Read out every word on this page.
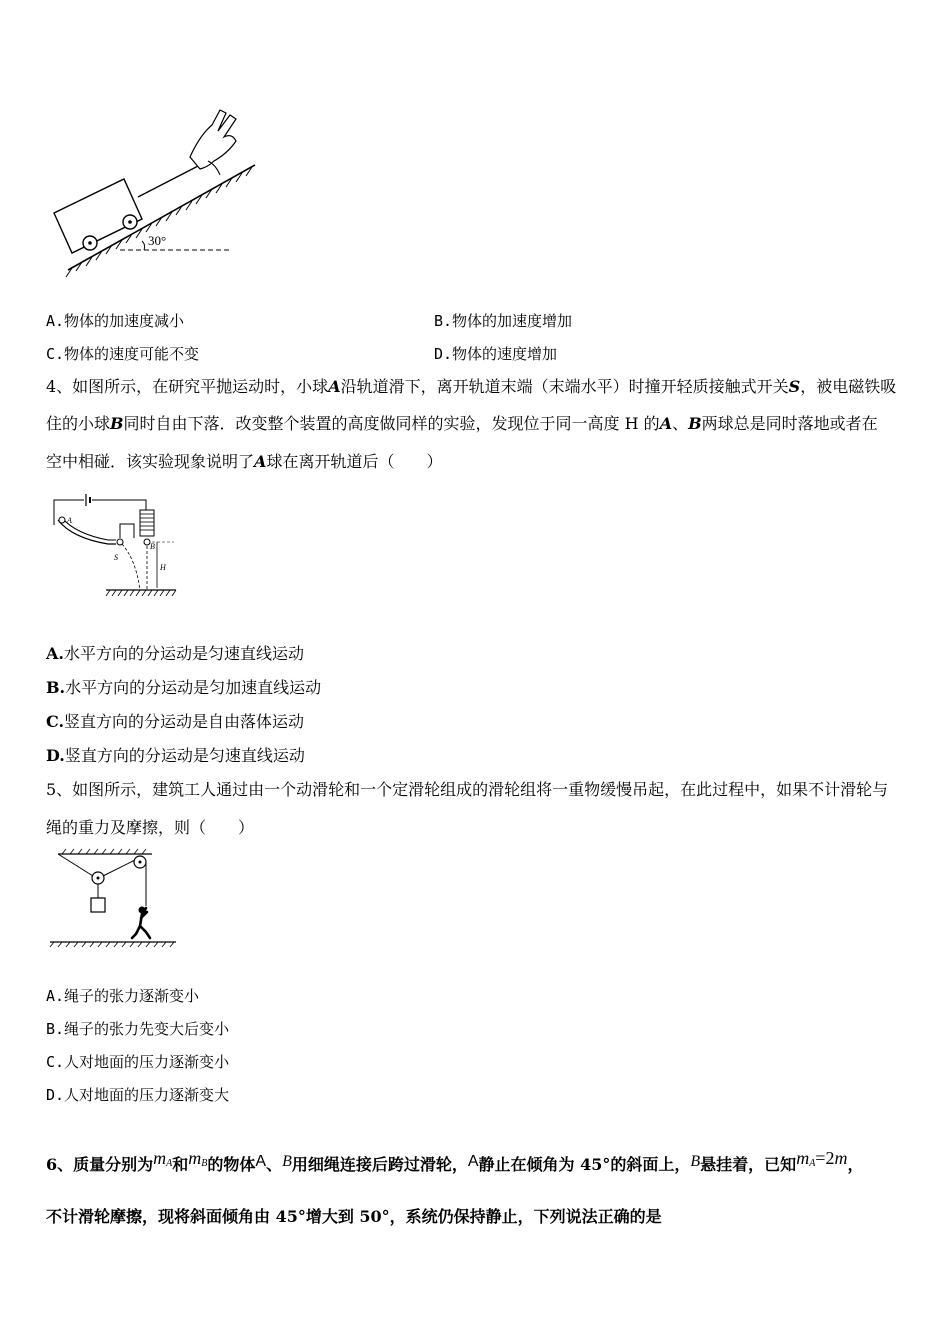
30°
A.物体的加速度减小	B.物体的加速度增加
C.物体的速度可能不变	D.物体的速度增加
4、如图所示，在研究平抛运动时，小球A沿轨道滑下，离开轨道末端（末端水平）时撞开轻质接触式开关S，被电磁铁吸
住的小球B同时自由下落．改变整个装置的高度做同样的实验，发现位于同一高度 H 的A、B两球总是同时落地或者在
空中相碰．该实验现象说明了A球在离开轨道后（　　）
A
B
S
H
A.水平方向的分运动是匀速直线运动
B.水平方向的分运动是匀加速直线运动
C.竖直方向的分运动是自由落体运动
D.竖直方向的分运动是匀速直线运动
5、如图所示，建筑工人通过由一个动滑轮和一个定滑轮组成的滑轮组将一重物缓慢吊起，在此过程中，如果不计滑轮与
绳的重力及摩擦，则（　　）
A.绳子的张力逐渐变小
B.绳子的张力先变大后变小
C.人对地面的压力逐渐变小
D.人对地面的压力逐渐变大
6、质量分别为$m_A$和$m_B$的物体A、B用细绳连接后跨过滑轮，A静止在倾角为 45°的斜面上，B悬挂着，已知$m_A=2m$，
不计滑轮摩擦，现将斜面倾角由 45°增大到 50°，系统仍保持静止，下列说法正确的是
